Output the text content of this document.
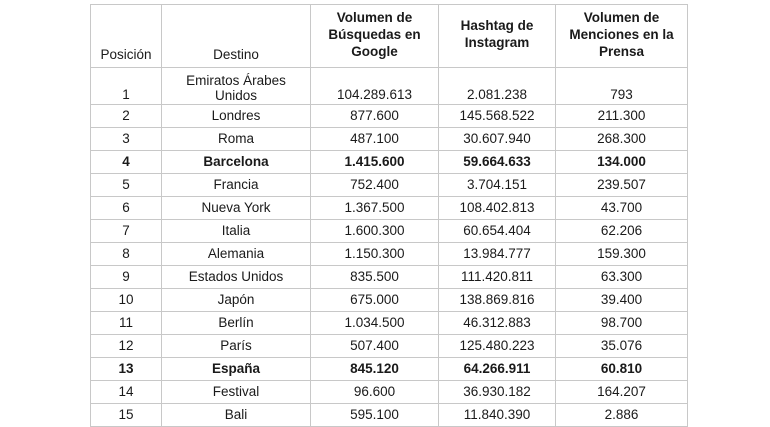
Posición	Destino	Volumen de Búsquedas en Google	Hashtag de Instagram	Volumen de Menciones en la Prensa
1	Emiratos Árabes Unidos	104.289.613	2.081.238	793
2	Londres	877.600	145.568.522	211.300
3	Roma	487.100	30.607.940	268.300
4	Barcelona	1.415.600	59.664.633	134.000
5	Francia	752.400	3.704.151	239.507
6	Nueva York	1.367.500	108.402.813	43.700
7	Italia	1.600.300	60.654.404	62.206
8	Alemania	1.150.300	13.984.777	159.300
9	Estados Unidos	835.500	111.420.811	63.300
10	Japón	675.000	138.869.816	39.400
11	Berlín	1.034.500	46.312.883	98.700
12	París	507.400	125.480.223	35.076
13	España	845.120	64.266.911	60.810
14	Festival	96.600	36.930.182	164.207
15	Bali	595.100	11.840.390	2.886
